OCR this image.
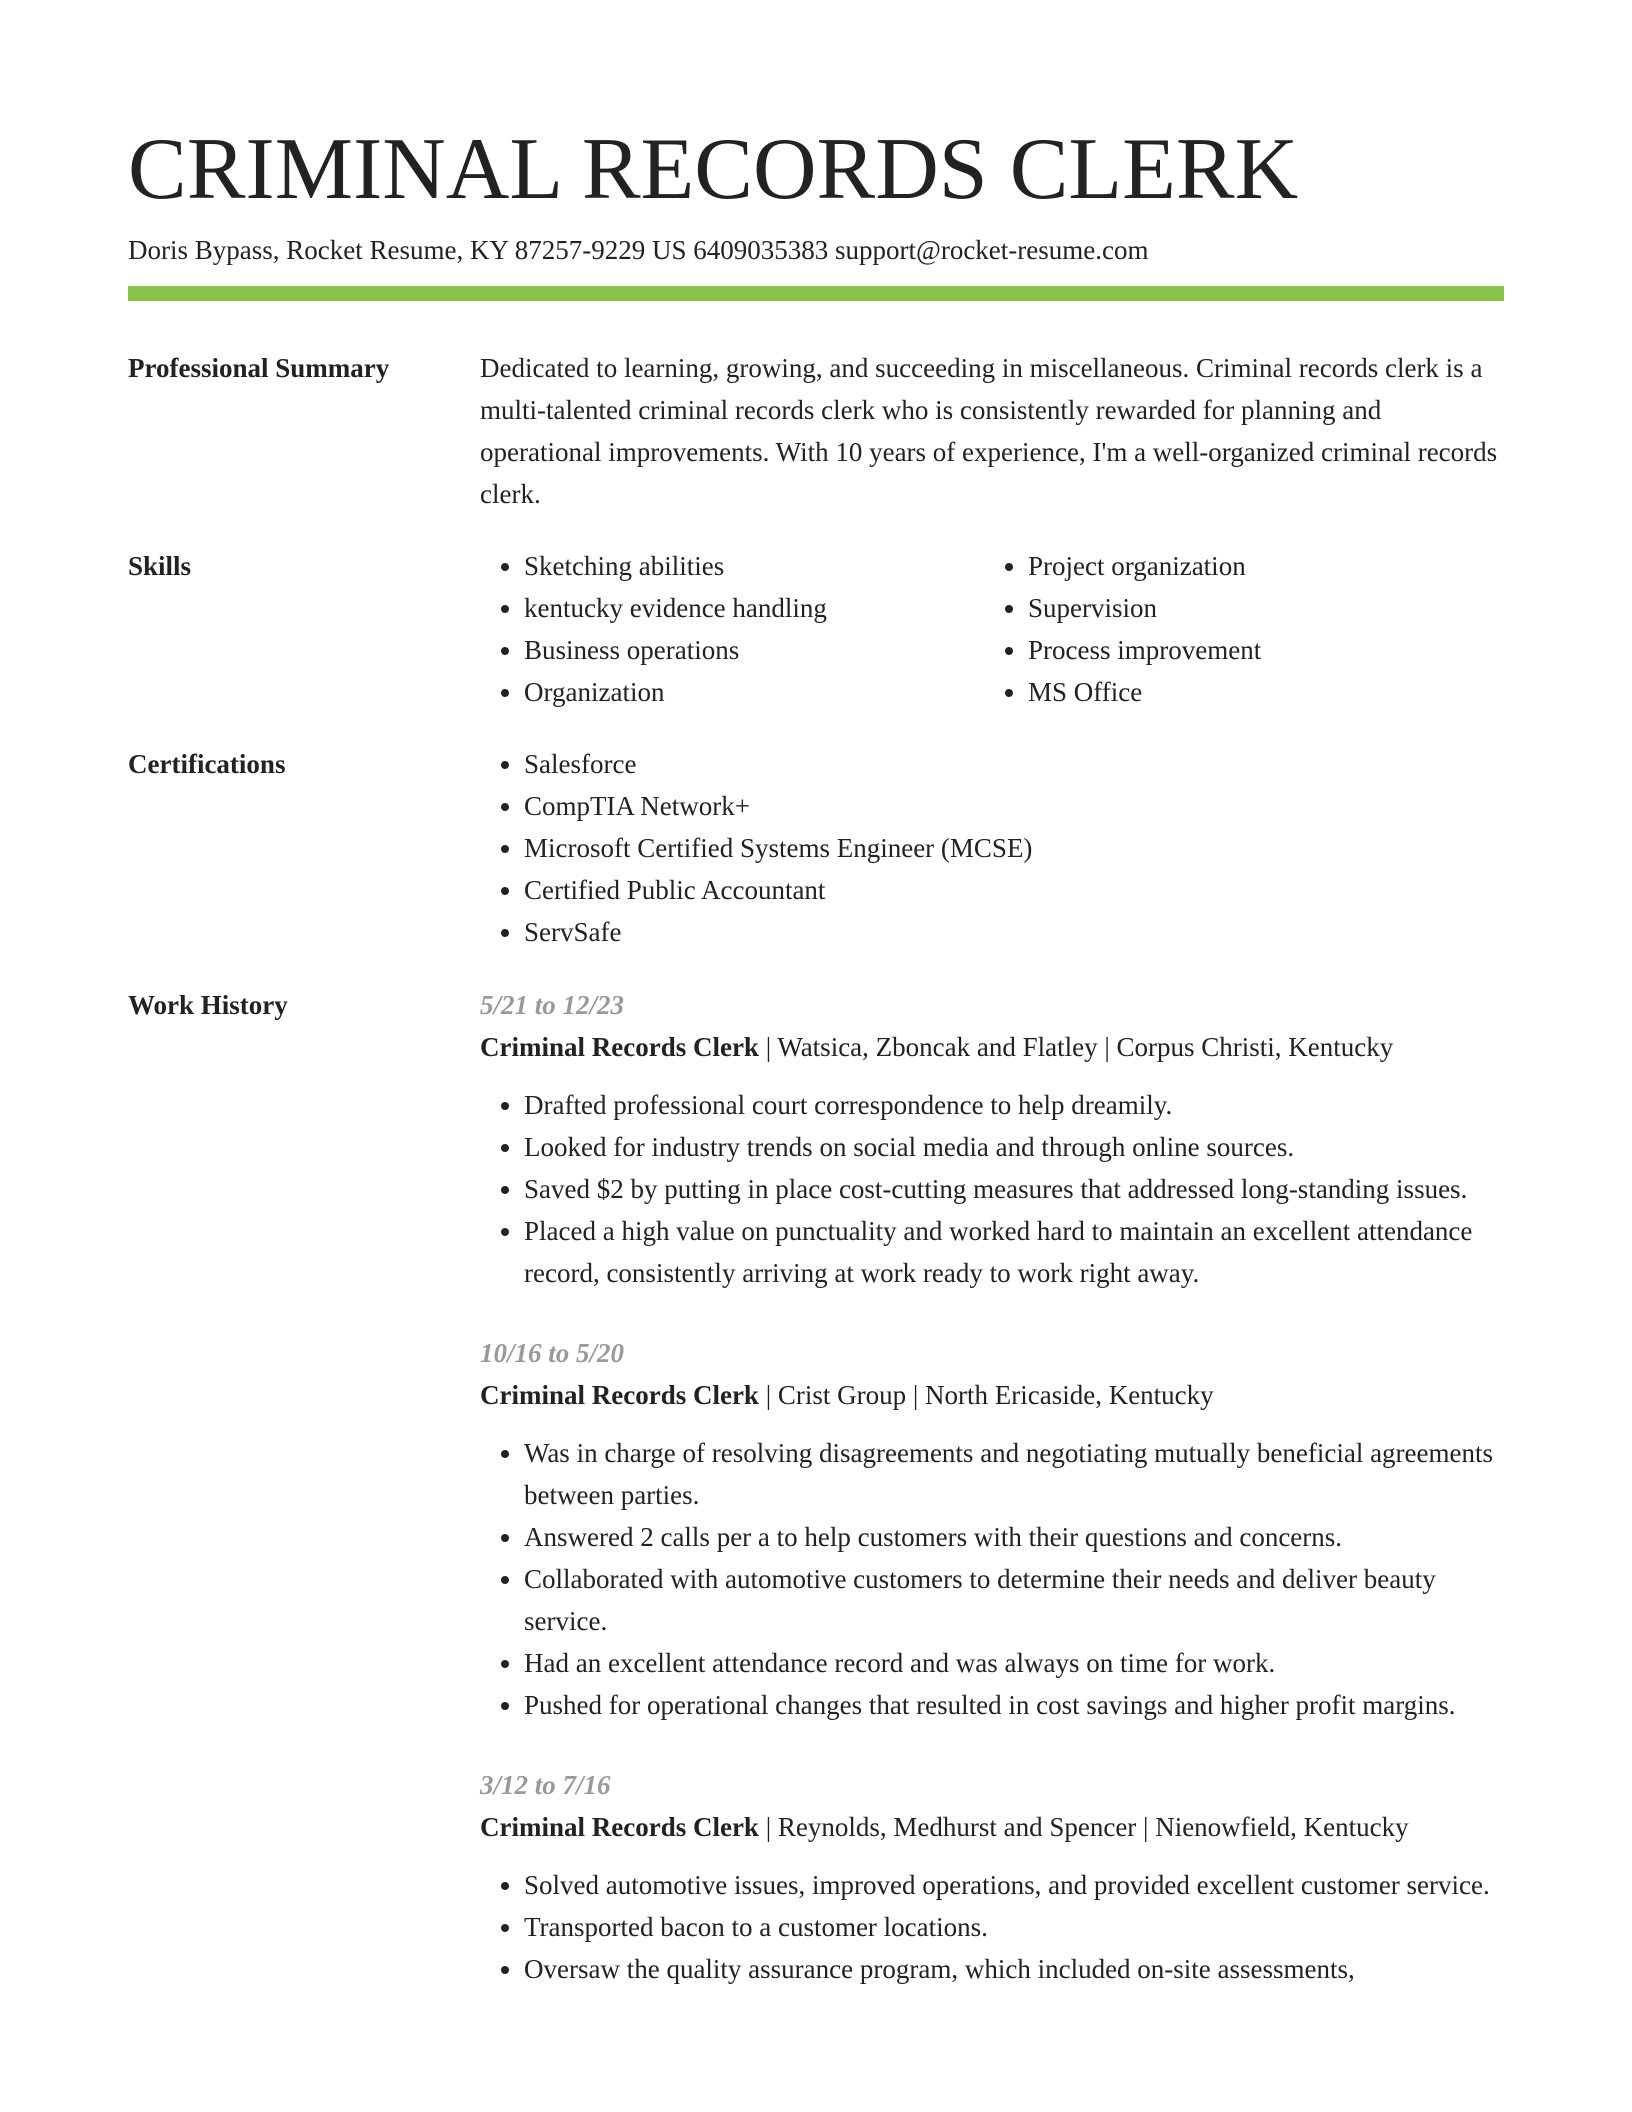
CRIMINAL RECORDS CLERK
Doris Bypass, Rocket Resume, KY 87257-9229 US 6409035383 support@rocket-resume.com
Professional Summary	Dedicated to learning, growing, and succeeding in miscellaneous. Criminal records clerk is a multi-talented criminal records clerk who is consistently rewarded for planning and operational improvements. With 10 years of experience, I'm a well-organized criminal records clerk.

Skills	• Sketching abilities
• kentucky evidence handling
• Business operations
• Organization
• Project organization
• Supervision
• Process improvement
• MS Office
Certifications	• Salesforce
• CompTIA Network+
• Microsoft Certified Systems Engineer (MCSE)
• Certified Public Accountant
• ServSafe
Work History	5/21 to 12/23
Criminal Records Clerk | Watsica, Zboncak and Flatley | Corpus Christi, Kentucky
• Drafted professional court correspondence to help dreamily.
• Looked for industry trends on social media and through online sources.
• Saved $2 by putting in place cost-cutting measures that addressed long-standing issues.
• Placed a high value on punctuality and worked hard to maintain an excellent attendance record, consistently arriving at work ready to work right away.
10/16 to 5/20
Criminal Records Clerk | Crist Group | North Ericaside, Kentucky
• Was in charge of resolving disagreements and negotiating mutually beneficial agreements between parties.
• Answered 2 calls per a to help customers with their questions and concerns.
• Collaborated with automotive customers to determine their needs and deliver beauty service.
• Had an excellent attendance record and was always on time for work.
• Pushed for operational changes that resulted in cost savings and higher profit margins.
3/12 to 7/16
Criminal Records Clerk | Reynolds, Medhurst and Spencer | Nienowfield, Kentucky
• Solved automotive issues, improved operations, and provided excellent customer service.
• Transported bacon to a customer locations.
• Oversaw the quality assurance program, which included on-site assessments,
